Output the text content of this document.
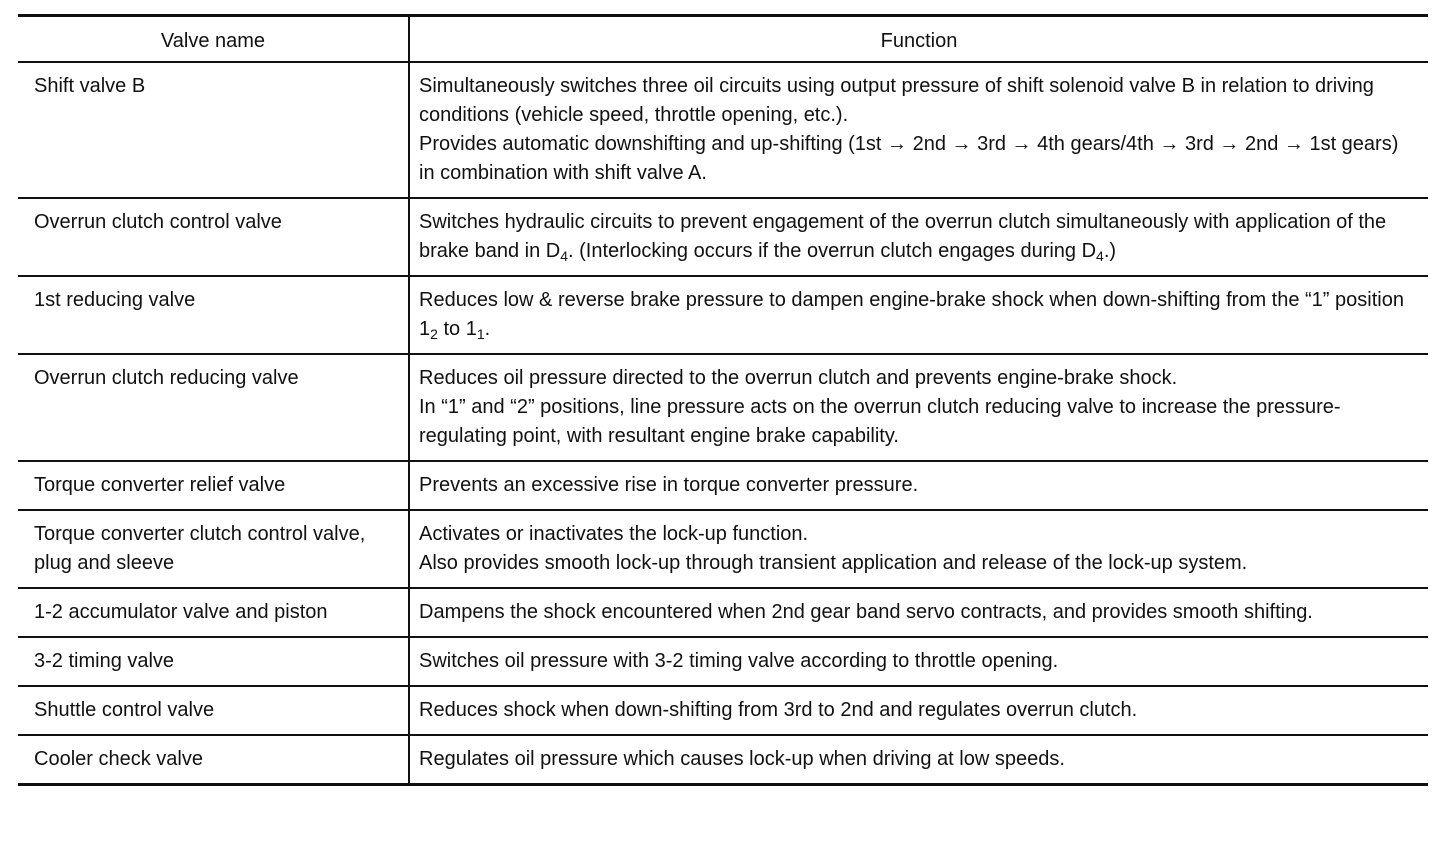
Valve name	Function
Shift valve B	Simultaneously switches three oil circuits using output pressure of shift solenoid valve B in relation to driving conditions (vehicle speed, throttle opening, etc.).
Provides automatic downshifting and up-shifting (1st → 2nd → 3rd → 4th gears/4th → 3rd → 2nd → 1st gears) in combination with shift valve A.

Overrun clutch control valve	Switches hydraulic circuits to prevent engagement of the overrun clutch simultaneously with application of the brake band in $D_4$. (Interlocking occurs if the overrun clutch engages during $D_4$.)
1st reducing valve	Reduces low & reverse brake pressure to dampen engine-brake shock when down-shifting from the “1” position $1_2$ to $1_1$.
Overrun clutch reducing valve	Reduces oil pressure directed to the overrun clutch and prevents engine-brake shock.
In “1” and “2” positions, line pressure acts on the overrun clutch reducing valve to increase the pressure-regulating point, with resultant engine brake capability.

Torque converter relief valve	Prevents an excessive rise in torque converter pressure.

Torque converter clutch control valve, plug and sleeve	Activates or inactivates the lock-up function.
Also provides smooth lock-up through transient application and release of the lock-up system.

1-2 accumulator valve and piston	Dampens the shock encountered when 2nd gear band servo contracts, and provides smooth shifting.

3-2 timing valve	Switches oil pressure with 3-2 timing valve according to throttle opening.

Shuttle control valve	Reduces shock when down-shifting from 3rd to 2nd and regulates overrun clutch.

Cooler check valve	Regulates oil pressure which causes lock-up when driving at low speeds.
